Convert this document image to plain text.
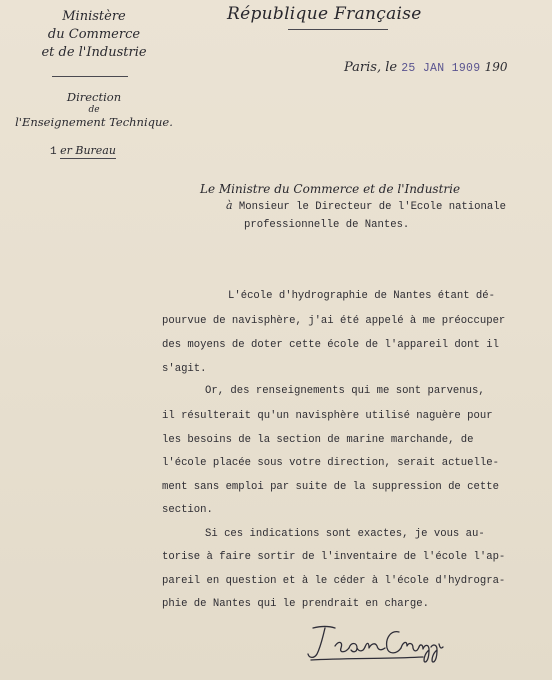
Ministère
du Commerce
et de l'Industrie
Direction
de
l'Enseignement Technique.
1 er Bureau
République Française
Paris, le 25 JAN 1909 190
Le Ministre du Commerce et de l'Industrie
à Monsieur le Directeur de l'Ecole nationale
professionnelle de Nantes.
L'école d'hydrographie de Nantes étant dé-
pourvue de navisphère, j'ai été appelé à me préoccuper
des moyens de doter cette école de l'appareil dont il
s'agit.
Or, des renseignements qui me sont parvenus,
il résulterait qu'un navisphère utilisé naguère pour
les besoins de la section de marine marchande, de
l'école placée sous votre direction, serait actuelle-
ment sans emploi par suite de la suppression de cette
section.
Si ces indications sont exactes, je vous au-
torise à faire sortir de l'inventaire de l'école l'ap-
pareil en question et à le céder à l'école d'hydrogra-
phie de Nantes qui le prendrait en charge.
